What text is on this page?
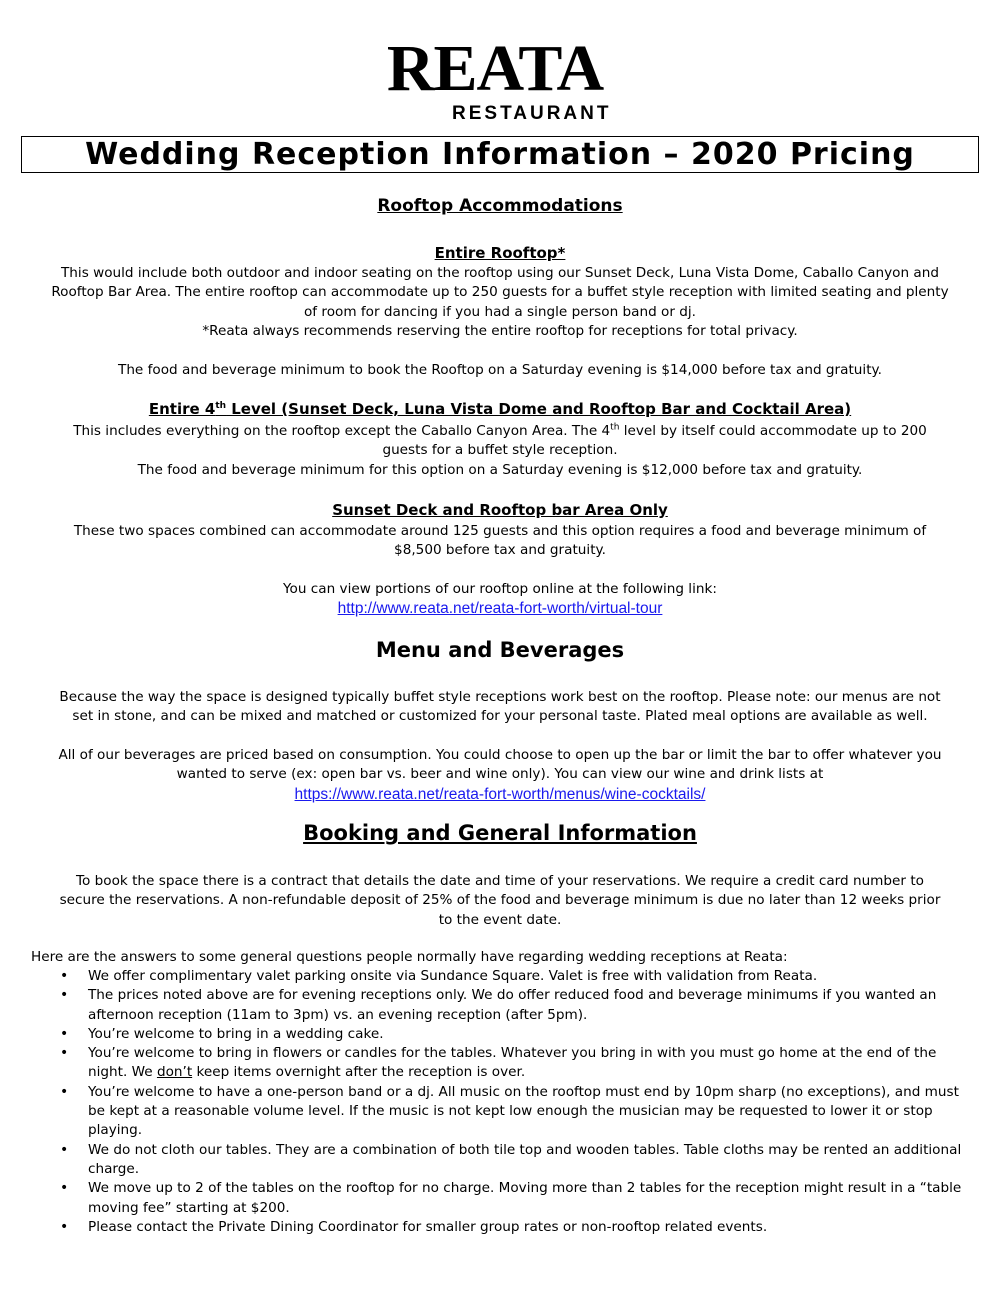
REATA
RESTAURANT
Wedding Reception Information – 2020 Pricing
Rooftop Accommodations
Entire Rooftop*
This would include both outdoor and indoor seating on the rooftop using our Sunset Deck, Luna Vista Dome, Caballo Canyon and
Rooftop Bar Area. The entire rooftop can accommodate up to 250 guests for a buffet style reception with limited seating and plenty
of room for dancing if you had a single person band or dj.
*Reata always recommends reserving the entire rooftop for receptions for total privacy.
The food and beverage minimum to book the Rooftop on a Saturday evening is $14,000 before tax and gratuity.
Entire 4th Level (Sunset Deck, Luna Vista Dome and Rooftop Bar and Cocktail Area)
This includes everything on the rooftop except the Caballo Canyon Area. The 4th level by itself could accommodate up to 200
guests for a buffet style reception.
The food and beverage minimum for this option on a Saturday evening is $12,000 before tax and gratuity.
Sunset Deck and Rooftop bar Area Only
These two spaces combined can accommodate around 125 guests and this option requires a food and beverage minimum of
$8,500 before tax and gratuity.
You can view portions of our rooftop online at the following link:
http://www.reata.net/reata-fort-worth/virtual-tour
Menu and Beverages
Because the way the space is designed typically buffet style receptions work best on the rooftop. Please note: our menus are not
set in stone, and can be mixed and matched or customized for your personal taste. Plated meal options are available as well.
All of our beverages are priced based on consumption. You could choose to open up the bar or limit the bar to offer whatever you
wanted to serve (ex: open bar vs. beer and wine only). You can view our wine and drink lists at
https://www.reata.net/reata-fort-worth/menus/wine-cocktails/
Booking and General Information
To book the space there is a contract that details the date and time of your reservations. We require a credit card number to
secure the reservations. A non-refundable deposit of 25% of the food and beverage minimum is due no later than 12 weeks prior
to the event date.
Here are the answers to some general questions people normally have regarding wedding receptions at Reata:
• We offer complimentary valet parking onsite via Sundance Square. Valet is free with validation from Reata.
• The prices noted above are for evening receptions only. We do offer reduced food and beverage minimums if you wanted an afternoon reception (11am to 3pm) vs. an evening reception (after 5pm).
• You’re welcome to bring in a wedding cake.
• You’re welcome to bring in flowers or candles for the tables. Whatever you bring in with you must go home at the end of the night. We don’t keep items overnight after the reception is over.
• You’re welcome to have a one-person band or a dj. All music on the rooftop must end by 10pm sharp (no exceptions), and must be kept at a reasonable volume level. If the music is not kept low enough the musician may be requested to lower it or stop playing.
• We do not cloth our tables. They are a combination of both tile top and wooden tables. Table cloths may be rented an additional charge.
• We move up to 2 of the tables on the rooftop for no charge. Moving more than 2 tables for the reception might result in a “table moving fee” starting at $200.
• Please contact the Private Dining Coordinator for smaller group rates or non-rooftop related events.
